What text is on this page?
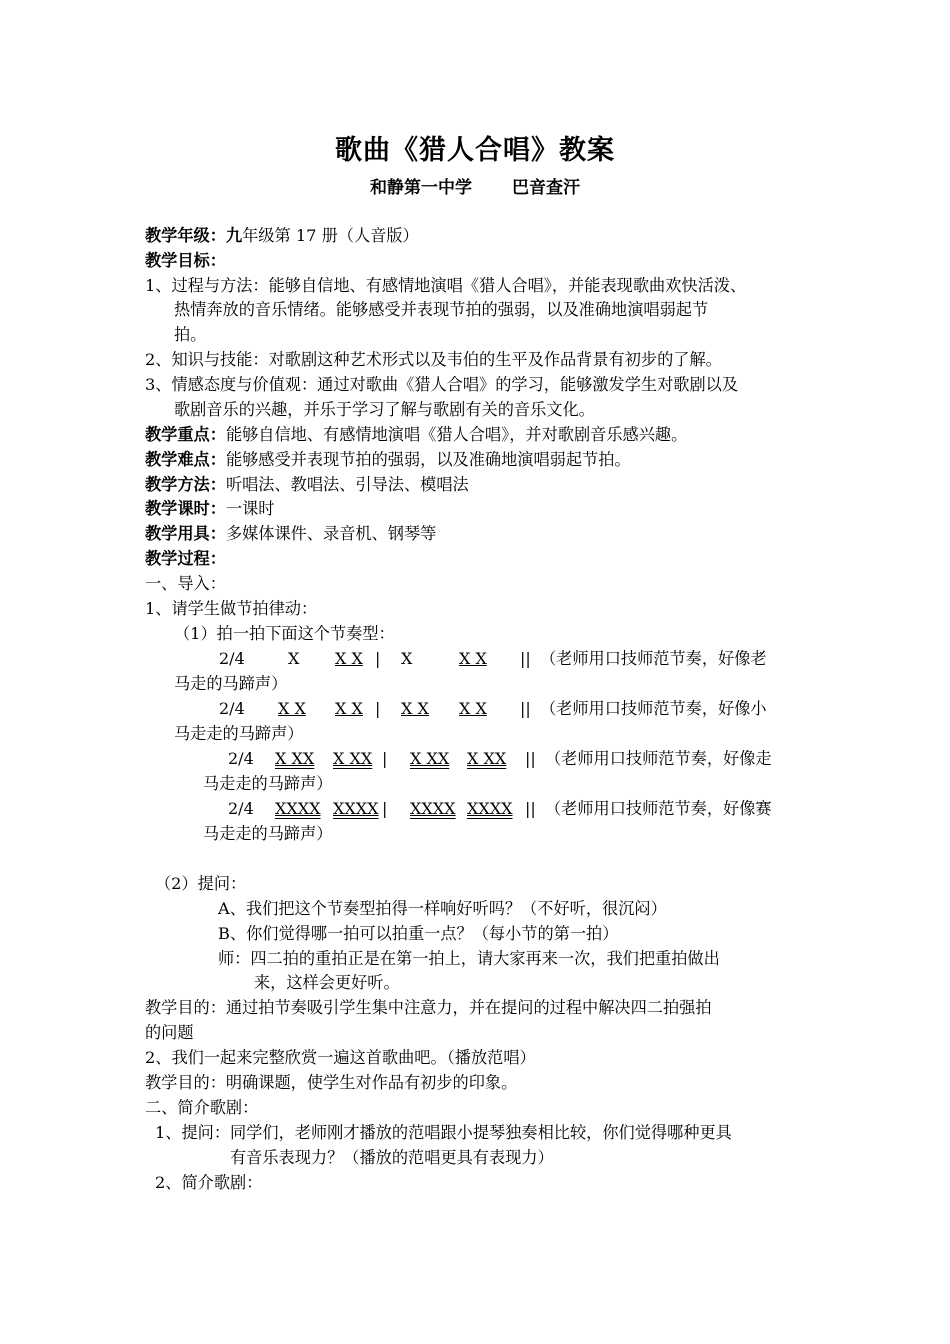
歌曲《猎人合唱》教案
和静第一中学 巴音查汗
教学年级：九年级第 17 册（人音版）
教学目标：
1、过程与方法：能够自信地、有感情地演唱《猎人合唱》，并能表现歌曲欢快活泼、
热情奔放的音乐情绪。能够感受并表现节拍的强弱，以及准确地演唱弱起节
拍。
2、知识与技能：对歌剧这种艺术形式以及韦伯的生平及作品背景有初步的了解。
3、情感态度与价值观：通过对歌曲《猎人合唱》的学习，能够激发学生对歌剧以及
歌剧音乐的兴趣，并乐于学习了解与歌剧有关的音乐文化。
教学重点：能够自信地、有感情地演唱《猎人合唱》，并对歌剧音乐感兴趣。
教学难点：能够感受并表现节拍的强弱，以及准确地演唱弱起节拍。
教学方法：听唱法、教唱法、引导法、模唱法
教学课时：一课时
教学用具：多媒体课件、录音机、钢琴等
教学过程：
一、导入：
1、请学生做节拍律动：
（1）拍一拍下面这个节奏型：
2/4	X X X | X	X X || （老师用口技师范节奏，好像老
马走的马蹄声）
2/4 X X X X | X X X X || （老师用口技师范节奏，好像小
马走走的马蹄声）
2/4 X XX X XX | X XX X XX || （老师用口技师范节奏，好像走
马走走的马蹄声）
2/4 XXXX XXXX | XXXX XXXX || （老师用口技师范节奏，好像赛
马走走的马蹄声）
（2）提问：
A、我们把这个节奏型拍得一样响好听吗？（不好听，很沉闷）
B、你们觉得哪一拍可以拍重一点？（每小节的第一拍）
师：四二拍的重拍正是在第一拍上，请大家再来一次，我们把重拍做出
来，这样会更好听。
教学目的：通过拍节奏吸引学生集中注意力，并在提问的过程中解决四二拍强拍
的问题
2、我们一起来完整欣赏一遍这首歌曲吧。（播放范唱）
教学目的：明确课题，使学生对作品有初步的印象。
二、简介歌剧：
1、提问：同学们，老师刚才播放的范唱跟小提琴独奏相比较，你们觉得哪种更具
有音乐表现力？（播放的范唱更具有表现力）
2、简介歌剧：
